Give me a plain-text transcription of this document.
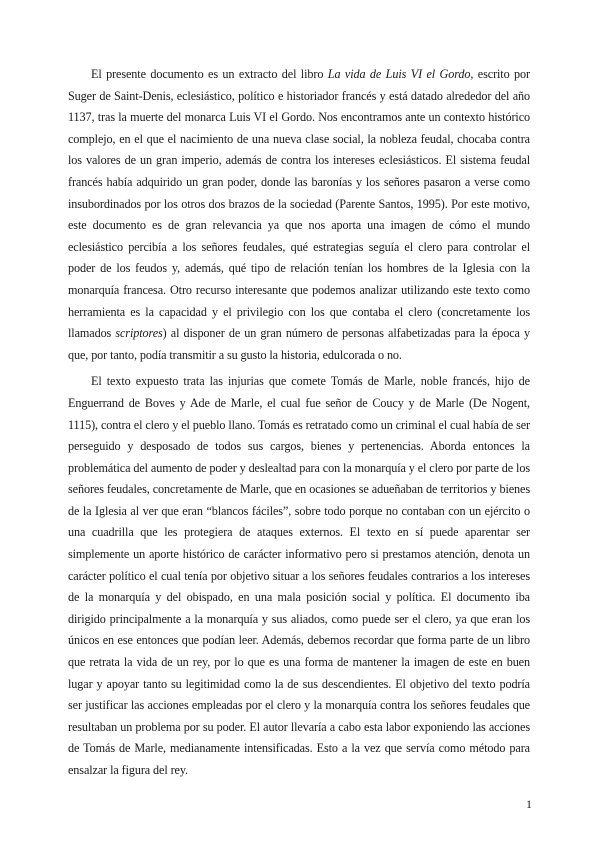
El presente documento es un extracto del libro La vida de Luis VI el Gordo, escrito por Suger de Saint-Denis, eclesiástico, político e historiador francés y está datado alrededor del año 1137, tras la muerte del monarca Luis VI el Gordo. Nos encontramos ante un contexto histórico complejo, en el que el nacimiento de una nueva clase social, la nobleza feudal, chocaba contra los valores de un gran imperio, además de contra los intereses eclesiásticos. El sistema feudal francés había adquirido un gran poder, donde las baronías y los señores pasaron a verse como insubordinados por los otros dos brazos de la sociedad (Parente Santos, 1995). Por este motivo, este documento es de gran relevancia ya que nos aporta una imagen de cómo el mundo eclesiástico percibía a los señores feudales, qué estrategias seguía el clero para controlar el poder de los feudos y, además, qué tipo de relación tenían los hombres de la Iglesia con la monarquía francesa. Otro recurso interesante que podemos analizar utilizando este texto como herramienta es la capacidad y el privilegio con los que contaba el clero (concretamente los llamados scriptores) al disponer de un gran número de personas alfabetizadas para la época y que, por tanto, podía transmitir a su gusto la historia, edulcorada o no.

El texto expuesto trata las injurias que comete Tomás de Marle, noble francés, hijo de Enguerrand de Boves y Ade de Marle, el cual fue señor de Coucy y de Marle (De Nogent, 1115), contra el clero y el pueblo llano. Tomás es retratado como un criminal el cual había de ser perseguido y desposado de todos sus cargos, bienes y pertenencias. Aborda entonces la problemática del aumento de poder y deslealtad para con la monarquía y el clero por parte de los señores feudales, concretamente de Marle, que en ocasiones se adueñaban de territorios y bienes de la Iglesia al ver que eran “blancos fáciles”, sobre todo porque no contaban con un ejército o una cuadrilla que les protegiera de ataques externos. El texto en sí puede aparentar ser simplemente un aporte histórico de carácter informativo pero si prestamos atención, denota un carácter político el cual tenía por objetivo situar a los señores feudales contrarios a los intereses de la monarquía y del obispado, en una mala posición social y política. El documento iba dirigido principalmente a la monarquía y sus aliados, como puede ser el clero, ya que eran los únicos en ese entonces que podían leer. Además, debemos recordar que forma parte de un libro que retrata la vida de un rey, por lo que es una forma de mantener la imagen de este en buen lugar y apoyar tanto su legitimidad como la de sus descendientes. El objetivo del texto podría ser justificar las acciones empleadas por el clero y la monarquía contra los señores feudales que resultaban un problema por su poder. El autor llevaría a cabo esta labor exponiendo las acciones de Tomás de Marle, medianamente intensificadas. Esto a la vez que servía como método para ensalzar la figura del rey.

1
